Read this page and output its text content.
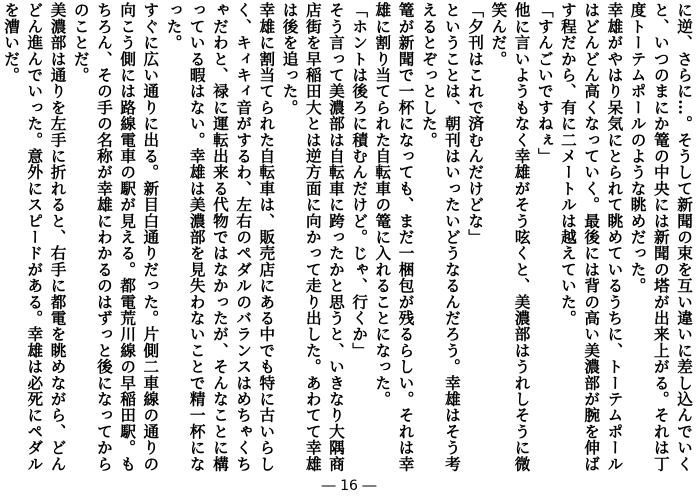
に逆、さらに…。そうして新聞の束を互い違いに差し込んでいくと、いつのまにか篭の中央には新聞の塔が出来上がる。それは丁度トーテムポールのような眺めだった。

幸雄がやはり呆気にとられて眺めているうちに、トーテムポールはどんどん高くなっていく。最後には背の高い美濃部が腕を伸ばす程だから、有に二メートルは越えていた。

「すんごいですねぇ」

他に言いようもなく幸雄がそう呟くと、美濃部はうれしそうに微笑んだ。

「夕刊はこれで済むんだけどな」

ということは、朝刊はいったいどうなるんだろう。幸雄はそう考えるとぞっとした。

篭が新聞で一杯になっても、まだ一梱包が残るらしい。それは幸雄に割り当てられた自転車の篭に入れることになった。

「ホントは後ろに積むんだけど。じゃ、行くか」

そう言って美濃部は自転車に跨ったかと思うと、いきなり大隅商店街を早稲田大とは逆方面に向かって走り出した。あわてて幸雄は後を追った。

幸雄に割当てられた自転車は、販売店にある中でも特に古いらしく、キィキィ音がするわ、左右のペダルのバランスはめちゃくちゃだわと、禄に運転出来る代物ではなかったが、そんなことに構っている暇はない。幸雄は美濃部を見失わないことで精一杯になった。

すぐに広い通りに出る。新目白通りだった。片側二車線の通りの向こう側には路線電車の駅が見える。都電荒川線の早稲田駅。もちろん、その手の名称が幸雄にわかるのはずっと後になってからのことだ。

美濃部は通りを左手に折れると、右手に都電を眺めながら、どんどん進んでいった。意外にスピードがある。幸雄は必死にペダルを漕いだ。

― 16 ―
